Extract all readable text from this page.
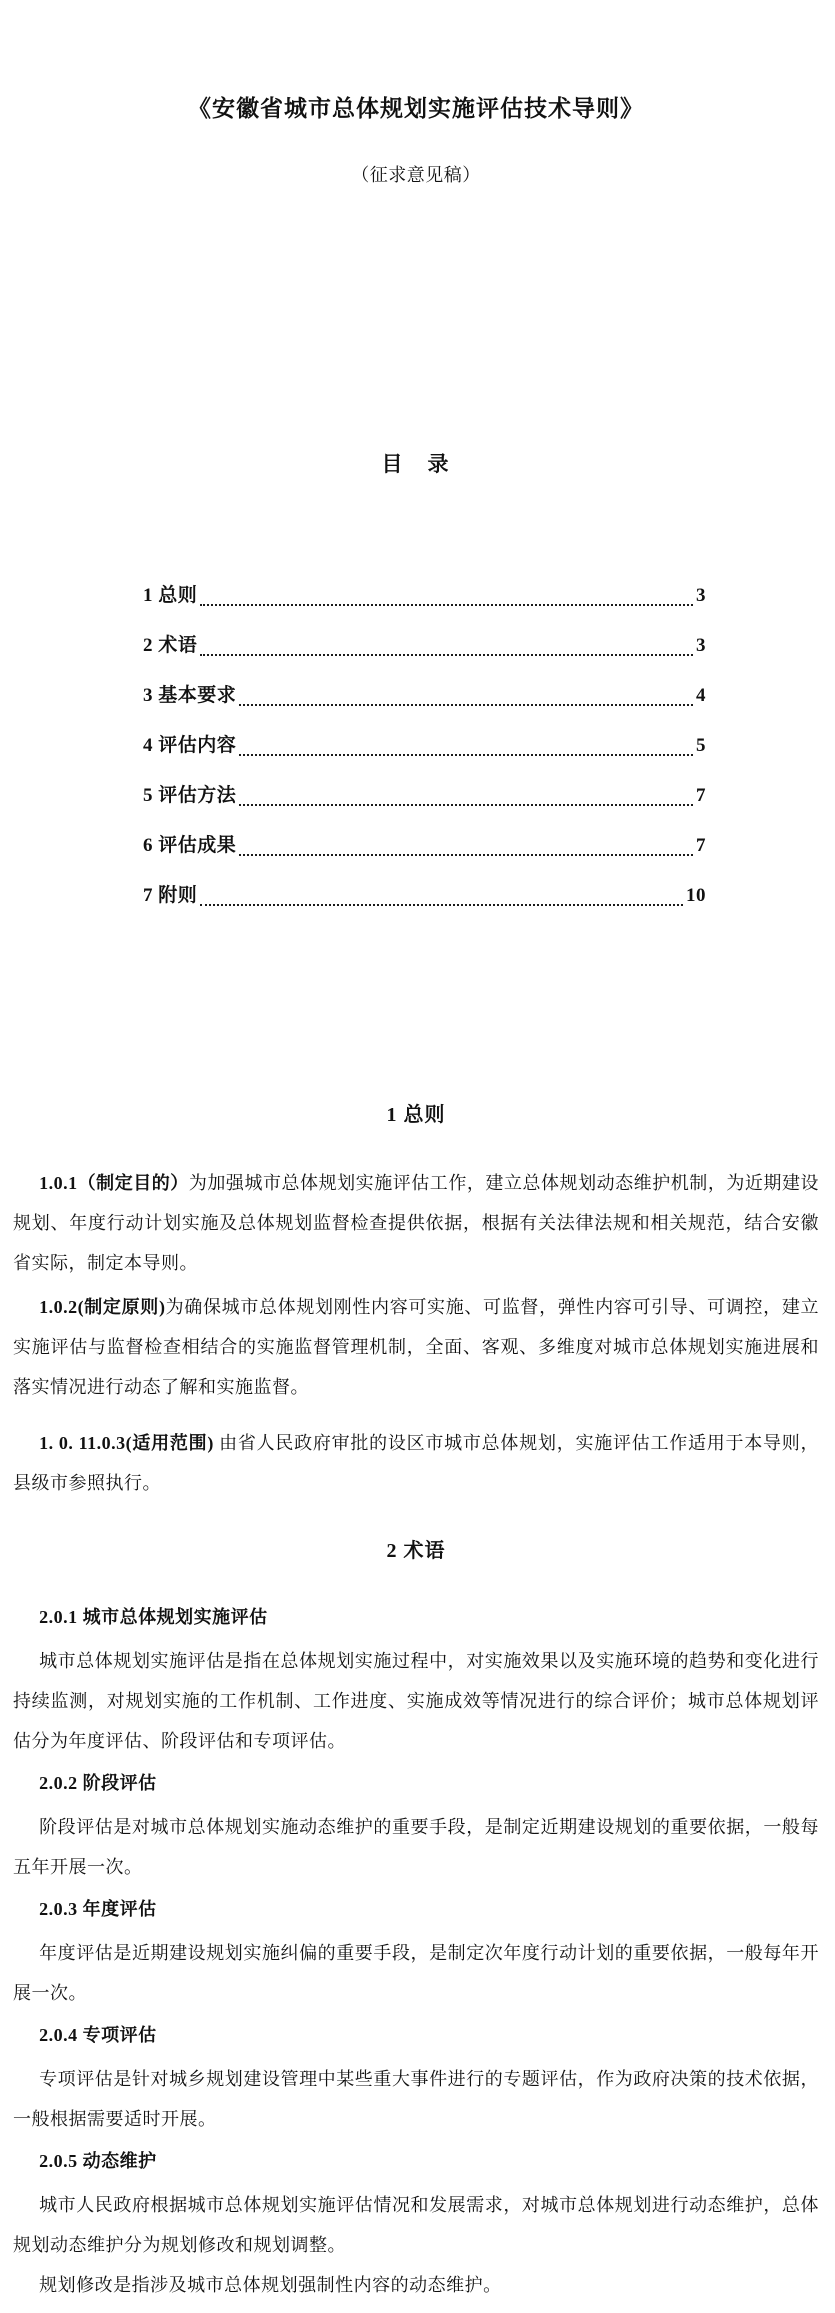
《安徽省城市总体规划实施评估技术导则》
（征求意见稿）
目　录
1 总则	3
2 术语	3
3 基本要求	4
4 评估内容	5
5 评估方法	7
6 评估成果	7
7 附则	10
1 总则

1.0.1（制定目的）为加强城市总体规划实施评估工作，建立总体规划动态维护机制，为近期建设规划、年度行动计划实施及总体规划监督检查提供依据，根据有关法律法规和相关规范，结合安徽省实际，制定本导则。

1.0.2(制定原则)为确保城市总体规划刚性内容可实施、可监督，弹性内容可引导、可调控，建立实施评估与监督检查相结合的实施监督管理机制，全面、客观、多维度对城市总体规划实施进展和落实情况进行动态了解和实施监督。

1. 0. 11.0.3(适用范围) 由省人民政府审批的设区市城市总体规划，实施评估工作适用于本导则，县级市参照执行。

2 术语

2.0.1 城市总体规划实施评估

城市总体规划实施评估是指在总体规划实施过程中，对实施效果以及实施环境的趋势和变化进行持续监测，对规划实施的工作机制、工作进度、实施成效等情况进行的综合评价；城市总体规划评估分为年度评估、阶段评估和专项评估。

2.0.2 阶段评估

阶段评估是对城市总体规划实施动态维护的重要手段，是制定近期建设规划的重要依据，一般每五年开展一次。

2.0.3 年度评估

年度评估是近期建设规划实施纠偏的重要手段，是制定次年度行动计划的重要依据，一般每年开展一次。

2.0.4 专项评估

专项评估是针对城乡规划建设管理中某些重大事件进行的专题评估，作为政府决策的技术依据，一般根据需要适时开展。

2.0.5 动态维护

城市人民政府根据城市总体规划实施评估情况和发展需求，对城市总体规划进行动态维护，总体规划动态维护分为规划修改和规划调整。

规划修改是指涉及城市总体规划强制性内容的动态维护。
